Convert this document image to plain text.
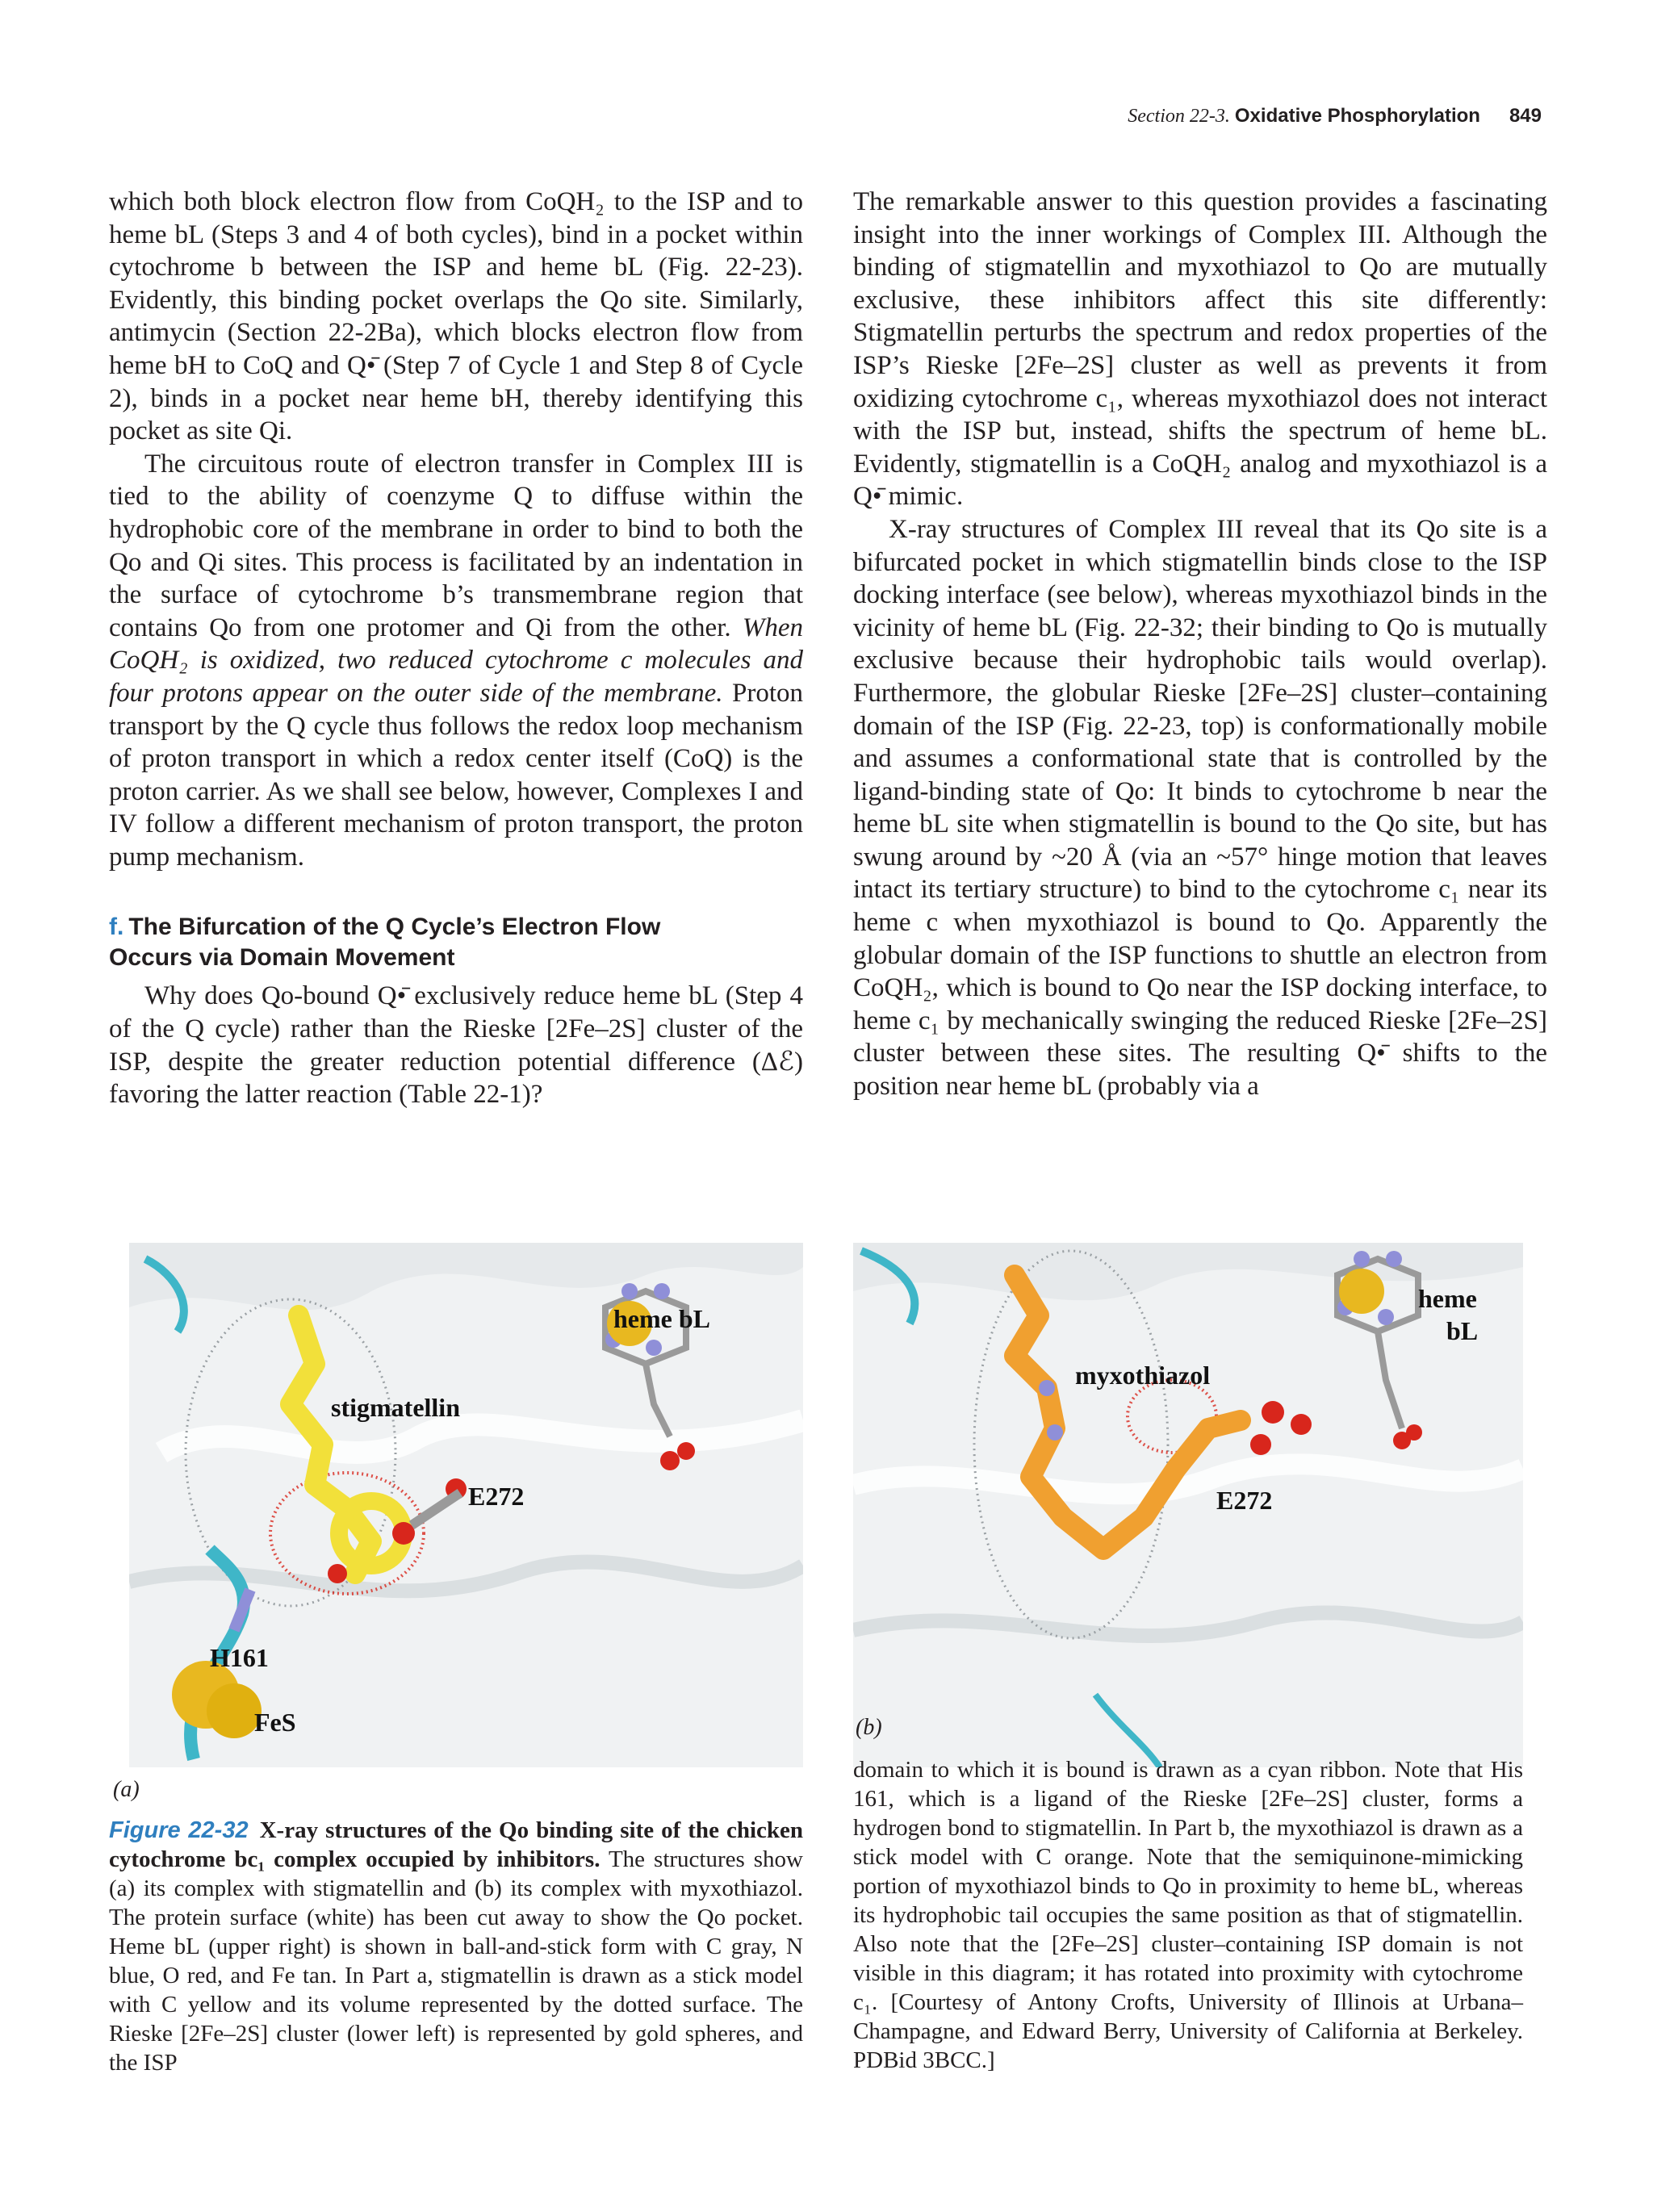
Section 22-3. Oxidative Phosphorylation 849

which both block electron flow from CoQH₂ to the ISP and to heme bL (Steps 3 and 4 of both cycles), bind in a pocket within cytochrome b between the ISP and heme bL (Fig. 22-23). Evidently, this binding pocket overlaps the Qo site. Similarly, antimycin (Section 22-2Ba), which blocks electron flow from heme bH to CoQ and Q•̄ (Step 7 of Cycle 1 and Step 8 of Cycle 2), binds in a pocket near heme bH, thereby identifying this pocket as site Qi.

The circuitous route of electron transfer in Complex III is tied to the ability of coenzyme Q to diffuse within the hydrophobic core of the membrane in order to bind to both the Qo and Qi sites. This process is facilitated by an indentation in the surface of cytochrome b’s transmembrane region that contains Qo from one protomer and Qi from the other. When CoQH₂ is oxidized, two reduced cytochrome c molecules and four protons appear on the outer side of the membrane. Proton transport by the Q cycle thus follows the redox loop mechanism of proton transport in which a redox center itself (CoQ) is the proton carrier. As we shall see below, however, Complexes I and IV follow a different mechanism of proton transport, the proton pump mechanism.

f. The Bifurcation of the Q Cycle’s Electron Flow
Occurs via Domain Movement

Why does Qo-bound Q•̄ exclusively reduce heme bL (Step 4 of the Q cycle) rather than the Rieske [2Fe–2S] cluster of the ISP, despite the greater reduction potential difference (Δℰ) favoring the latter reaction (Table 22-1)?

The remarkable answer to this question provides a fascinating insight into the inner workings of Complex III. Although the binding of stigmatellin and myxothiazol to Qo are mutually exclusive, these inhibitors affect this site differently: Stigmatellin perturbs the spectrum and redox properties of the ISP’s Rieske [2Fe–2S] cluster as well as prevents it from oxidizing cytochrome c₁, whereas myxothiazol does not interact with the ISP but, instead, shifts the spectrum of heme bL. Evidently, stigmatellin is a CoQH₂ analog and myxothiazol is a Q•̄ mimic.

X-ray structures of Complex III reveal that its Qo site is a bifurcated pocket in which stigmatellin binds close to the ISP docking interface (see below), whereas myxothiazol binds in the vicinity of heme bL (Fig. 22-32; their binding to Qo is mutually exclusive because their hydrophobic tails would overlap). Furthermore, the globular Rieske [2Fe–2S] cluster–containing domain of the ISP (Fig. 22-23, top) is conformationally mobile and assumes a conformational state that is controlled by the ligand-binding state of Qo: It binds to cytochrome b near the heme bL site when stigmatellin is bound to the Qo site, but has swung around by ~20 Å (via an ~57° hinge motion that leaves intact its tertiary structure) to bind to the cytochrome c₁ near its heme c when myxothiazol is bound to Qo. Apparently the globular domain of the ISP functions to shuttle an electron from CoQH₂, which is bound to Qo near the ISP docking interface, to heme c₁ by mechanically swinging the reduced Rieske [2Fe–2S] cluster between these sites. The resulting Q•̄ shifts to the position near heme bL (probably via a

heme bL
stigmatellin
E272
H161
FeS
(a)
heme
bL
myxothiazol
E272
(b)

Figure 22-32 X-ray structures of the Qo binding site of the chicken cytochrome bc₁ complex occupied by inhibitors. The structures show (a) its complex with stigmatellin and (b) its complex with myxothiazol. The protein surface (white) has been cut away to show the Qo pocket. Heme bL (upper right) is shown in ball-and-stick form with C gray, N blue, O red, and Fe tan. In Part a, stigmatellin is drawn as a stick model with C yellow and its volume represented by the dotted surface. The Rieske [2Fe–2S] cluster (lower left) is represented by gold spheres, and the ISP

domain to which it is bound is drawn as a cyan ribbon. Note that His 161, which is a ligand of the Rieske [2Fe–2S] cluster, forms a hydrogen bond to stigmatellin. In Part b, the myxothiazol is drawn as a stick model with C orange. Note that the semiquinone-mimicking portion of myxothiazol binds to Qo in proximity to heme bL, whereas its hydrophobic tail occupies the same position as that of stigmatellin. Also note that the [2Fe–2S] cluster–containing ISP domain is not visible in this diagram; it has rotated into proximity with cytochrome c₁. [Courtesy of Antony Crofts, University of Illinois at Urbana–Champagne, and Edward Berry, University of California at Berkeley. PDBid 3BCC.]
